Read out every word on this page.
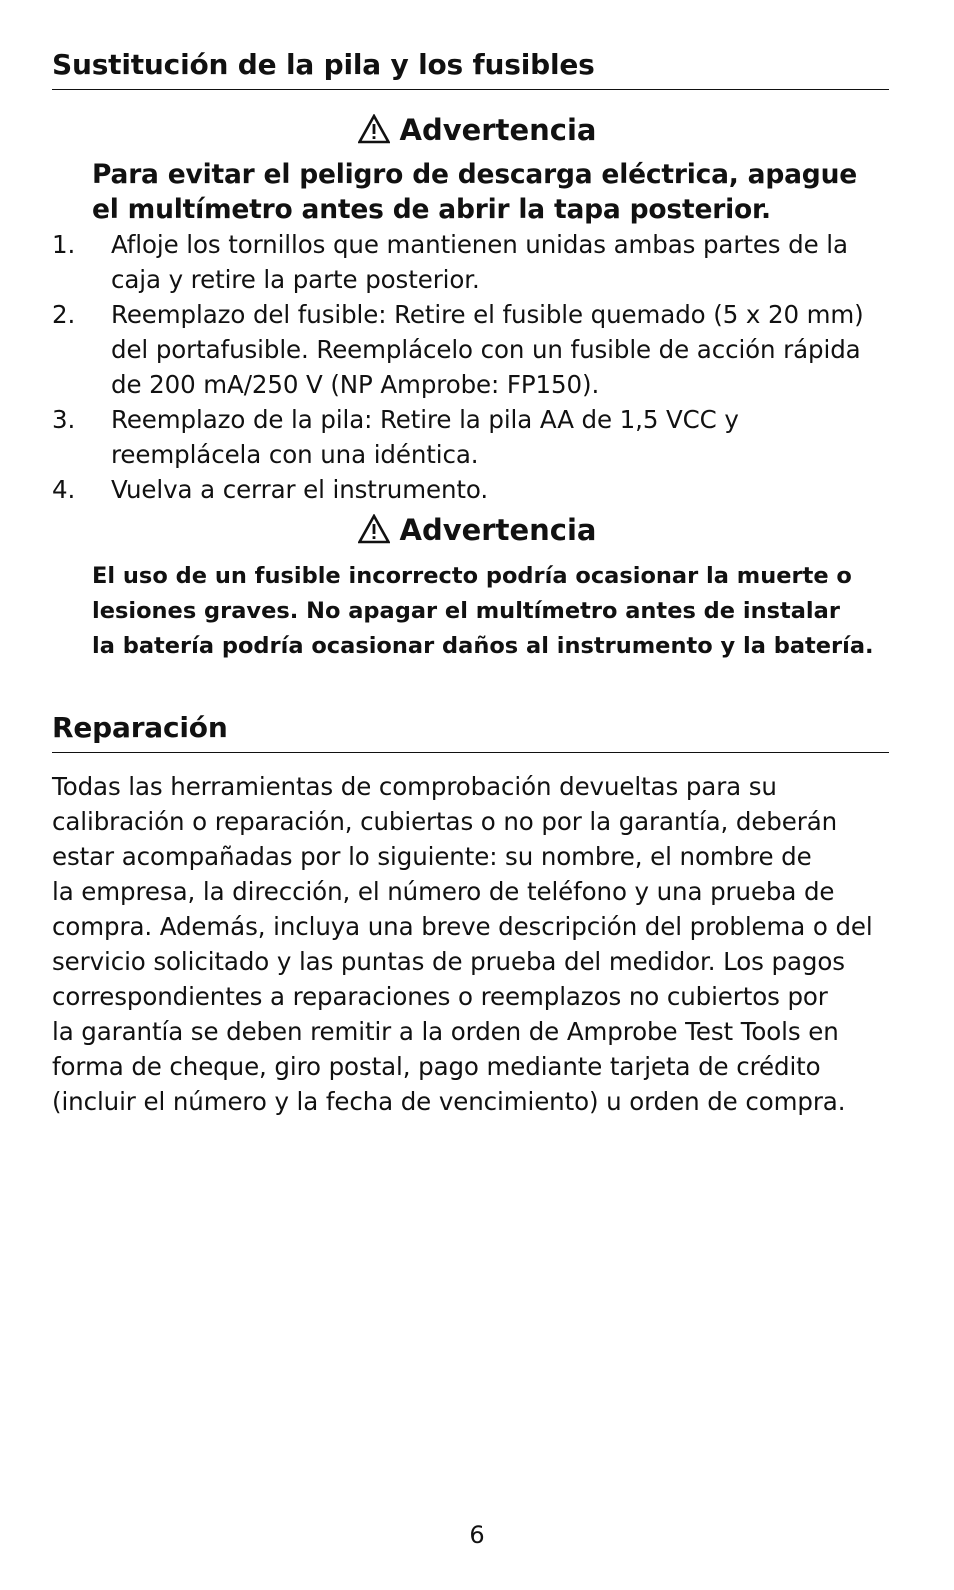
Sustitución de la pila y los fusibles
Advertencia
Para evitar el peligro de descarga eléctrica, apague
el multímetro antes de abrir la tapa posterior.
1.	Afloje los tornillos que mantienen unidas ambas partes de la
caja y retire la parte posterior.
2.	Reemplazo del fusible: Retire el fusible quemado (5 x 20 mm)
del portafusible. Reemplácelo con un fusible de acción rápida
de 200 mA/250 V (NP Amprobe: FP150).
3.	Reemplazo de la pila: Retire la pila AA de 1,5 VCC y
reemplácela con una idéntica.
4.	Vuelva a cerrar el instrumento.
Advertencia
El uso de un fusible incorrecto podría ocasionar la muerte o
lesiones graves. No apagar el multímetro antes de instalar
la batería podría ocasionar daños al instrumento y la batería.
Reparación
Todas las herramientas de comprobación devueltas para su
calibración o reparación, cubiertas o no por la garantía, deberán
estar acompañadas por lo siguiente: su nombre, el nombre de
la empresa, la dirección, el número de teléfono y una prueba de
compra. Además, incluya una breve descripción del problema o del
servicio solicitado y las puntas de prueba del medidor. Los pagos
correspondientes a reparaciones o reemplazos no cubiertos por
la garantía se deben remitir a la orden de Amprobe Test Tools en
forma de cheque, giro postal, pago mediante tarjeta de crédito
(incluir el número y la fecha de vencimiento) u orden de compra.
6
